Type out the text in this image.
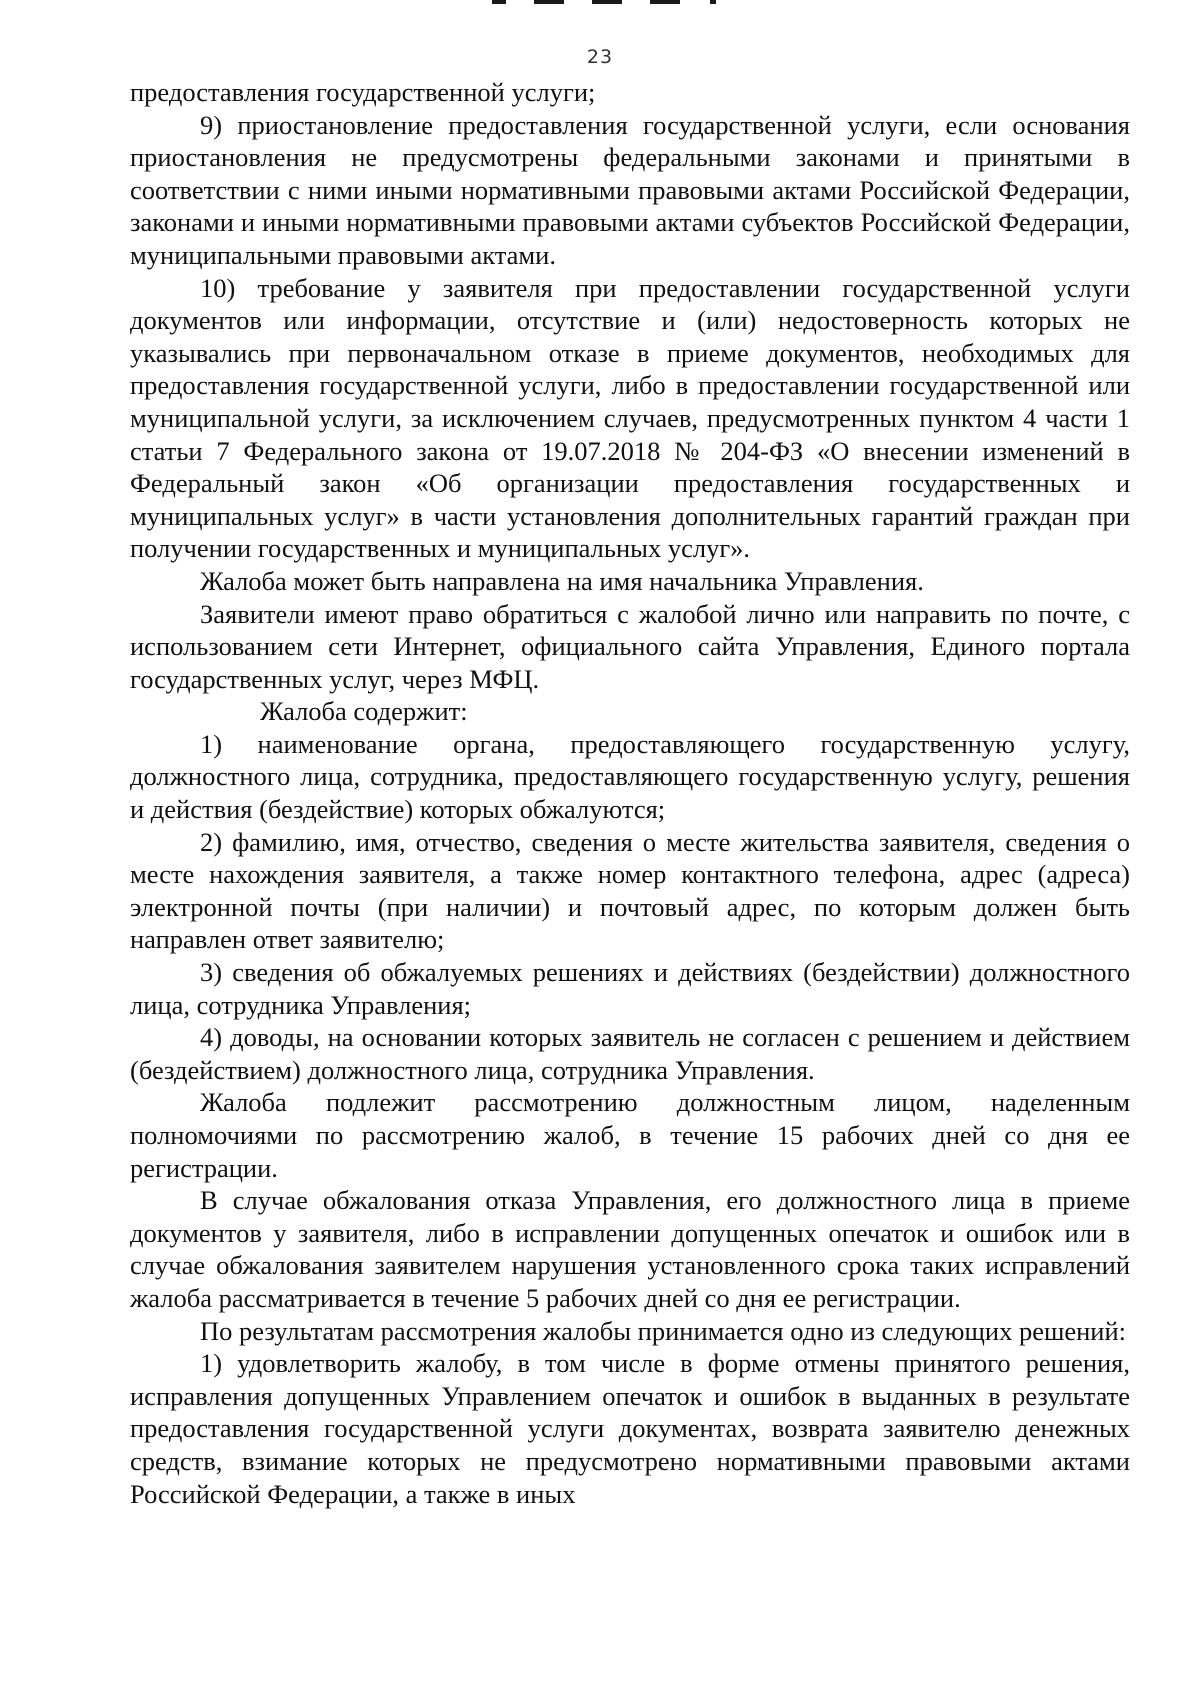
23

предоставления государственной услуги;

9) приостановление предоставления государственной услуги, если основания приостановления не предусмотрены федеральными законами и принятыми в соответствии с ними иными нормативными правовыми актами Российской Федерации, законами и иными нормативными правовыми актами субъектов Российской Федерации, муниципальными правовыми актами.

10) требование у заявителя при предоставлении государственной услуги документов или информации, отсутствие и (или) недостоверность которых не указывались при первоначальном отказе в приеме документов, необходимых для предоставления государственной услуги, либо в предоставлении государственной или муниципальной услуги, за исключением случаев, предусмотренных пунктом 4 части 1 статьи 7 Федерального закона от 19.07.2018 № 204-ФЗ «О внесении изменений в Федеральный закон «Об организации предоставления государственных и муниципальных услуг» в части установления дополнительных гарантий граждан при получении государственных и муниципальных услуг».

Жалоба может быть направлена на имя начальника Управления.

Заявители имеют право обратиться с жалобой лично или направить по почте, с использованием сети Интернет, официального сайта Управления, Единого портала государственных услуг, через МФЦ.

Жалоба содержит:

1) наименование органа, предоставляющего государственную услугу, должностного лица, сотрудника, предоставляющего государственную услугу, решения и действия (бездействие) которых обжалуются;

2) фамилию, имя, отчество, сведения о месте жительства заявителя, сведения о месте нахождения заявителя, а также номер контактного телефона, адрес (адреса) электронной почты (при наличии) и почтовый адрес, по которым должен быть направлен ответ заявителю;

3) сведения об обжалуемых решениях и действиях (бездействии) должностного лица, сотрудника Управления;

4) доводы, на основании которых заявитель не согласен с решением и действием (бездействием) должностного лица, сотрудника Управления.

Жалоба подлежит рассмотрению должностным лицом, наделенным полномочиями по рассмотрению жалоб, в течение 15 рабочих дней со дня ее регистрации.

В случае обжалования отказа Управления, его должностного лица в приеме документов у заявителя, либо в исправлении допущенных опечаток и ошибок или в случае обжалования заявителем нарушения установленного срока таких исправлений жалоба рассматривается в течение 5 рабочих дней со дня ее регистрации.

По результатам рассмотрения жалобы принимается одно из следующих решений:

1) удовлетворить жалобу, в том числе в форме отмены принятого решения, исправления допущенных Управлением опечаток и ошибок в выданных в результате предоставления государственной услуги документах, возврата заявителю денежных средств, взимание которых не предусмотрено нормативными правовыми актами Российской Федерации, а также в иных
